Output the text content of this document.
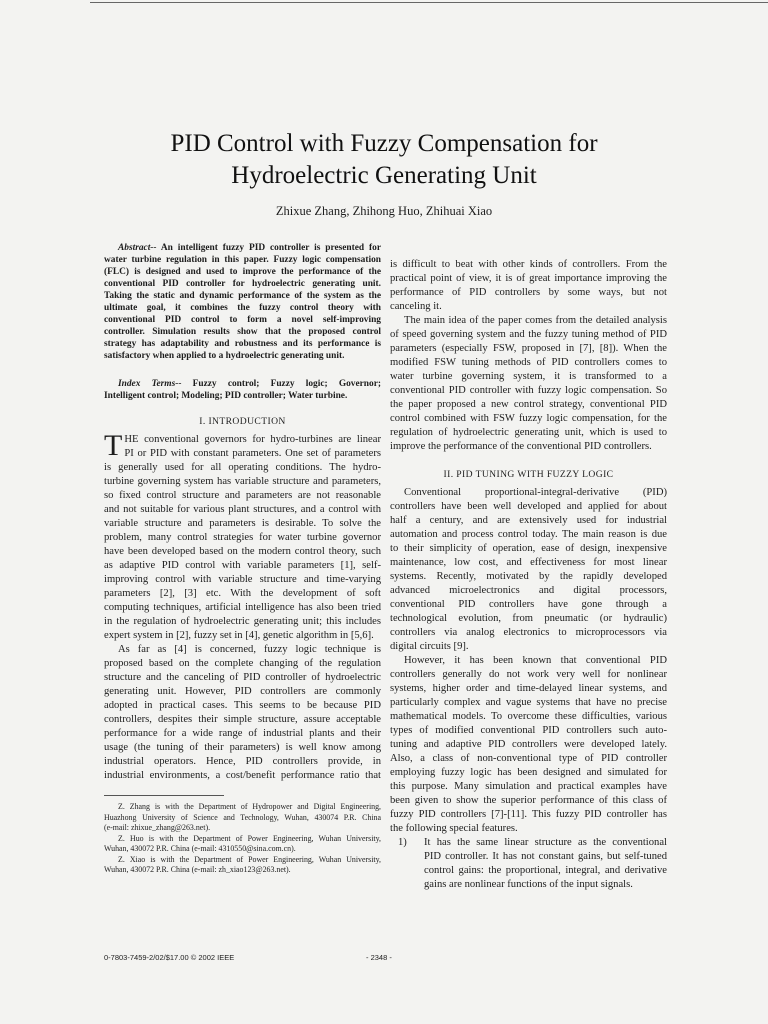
PID Control with Fuzzy Compensation for
Hydroelectric Generating Unit
Zhixue Zhang, Zhihong Huo, Zhihuai Xiao

Abstract-- An intelligent fuzzy PID controller is presented for

water turbine regulation in this paper. Fuzzy logic compensation

(FLC) is designed and used to improve the performance of the

conventional PID controller for hydroelectric generating unit.

Taking the static and dynamic performance of the system as the

ultimate goal, it combines the fuzzy control theory with

conventional PID control to form a novel self-improving

controller. Simulation results show that the proposed control

strategy has adaptability and robustness and its performance is

satisfactory when applied to a hydroelectric generating unit.

Index Terms-- Fuzzy control; Fuzzy logic; Governor;

Intelligent control; Modeling; PID controller; Water turbine.

I. INTRODUCTION
T HE conventional governors for hydro-turbines are linear

PI or PID with constant parameters. One set of parameters

is generally used for all operating conditions. The hydro-

turbine governing system has variable structure and parameters,

so fixed control structure and parameters are not reasonable

and not suitable for various plant structures, and a control with

variable structure and parameters is desirable. To solve the

problem, many control strategies for water turbine governor

have been developed based on the modern control theory, such

as adaptive PID control with variable parameters [1], self-

improving control with variable structure and time-varying

parameters [2], [3] etc. With the development of soft

computing techniques, artificial intelligence has also been tried

in the regulation of hydroelectric generating unit; this includes

expert system in [2], fuzzy set in [4], genetic algorithm in [5,6].

As far as [4] is concerned, fuzzy logic technique is

proposed based on the complete changing of the regulation

structure and the canceling of PID controller of hydroelectric

generating unit. However, PID controllers are commonly

adopted in practical cases. This seems to be because PID

controllers, despites their simple structure, assure acceptable

performance for a wide range of industrial plants and their

usage (the tuning of their parameters) is well know among

industrial operators. Hence, PID controllers provide, in

industrial environments, a cost/benefit performance ratio that

Z. Zhang is with the Department of Hydropower and Digital Engineering,

Huazhong University of Science and Technology, Wuhan, 430074 P.R. China

(e-mail: zhixue_zhang@263.net).

Z. Huo is with the Department of Power Engineering, Wuhan University,

Wuhan, 430072 P.R. China (e-mail: 4310550@sina.com.cn).

Z. Xiao is with the Department of Power Engineering, Wuhan University,

Wuhan, 430072 P.R. China (e-mail: zh_xiao123@263.net).

is difficult to beat with other kinds of controllers. From the

practical point of view, it is of great importance improving the

performance of PID controllers by some ways, but not

canceling it.

The main idea of the paper comes from the detailed analysis

of speed governing system and the fuzzy tuning method of PID

parameters (especially FSW, proposed in [7], [8]). When the

modified FSW tuning methods of PID controllers comes to

water turbine governing system, it is transformed to a

conventional PID controller with fuzzy logic compensation. So

the paper proposed a new control strategy, conventional PID

control combined with FSW fuzzy logic compensation, for the

regulation of hydroelectric generating unit, which is used to

improve the performance of the conventional PID controllers.

II. PID TUNING WITH FUZZY LOGIC

Conventional proportional-integral-derivative (PID)

controllers have been well developed and applied for about

half a century, and are extensively used for industrial

automation and process control today. The main reason is due

to their simplicity of operation, ease of design, inexpensive

maintenance, low cost, and effectiveness for most linear

systems. Recently, motivated by the rapidly developed

advanced microelectronics and digital processors,

conventional PID controllers have gone through a

technological evolution, from pneumatic (or hydraulic)

controllers via analog electronics to microprocessors via

digital circuits [9].

However, it has been known that conventional PID

controllers generally do not work very well for nonlinear

systems, higher order and time-delayed linear systems, and

particularly complex and vague systems that have no precise

mathematical models. To overcome these difficulties, various

types of modified conventional PID controllers such auto-

tuning and adaptive PID controllers were developed lately.

Also, a class of non-conventional type of PID controller

employing fuzzy logic has been designed and simulated for

this purpose. Many simulation and practical examples have

been given to show the superior performance of this class of

fuzzy PID controllers [7]-[11]. This fuzzy PID controller has

the following special features.

1)	It has the same linear structure as the conventional

PID controller. It has not constant gains, but self-tuned

control gains: the proportional, integral, and derivative

gains are nonlinear functions of the input signals.

0-7803-7459-2/02/$17.00 © 2002 IEEE	- 2348 -
